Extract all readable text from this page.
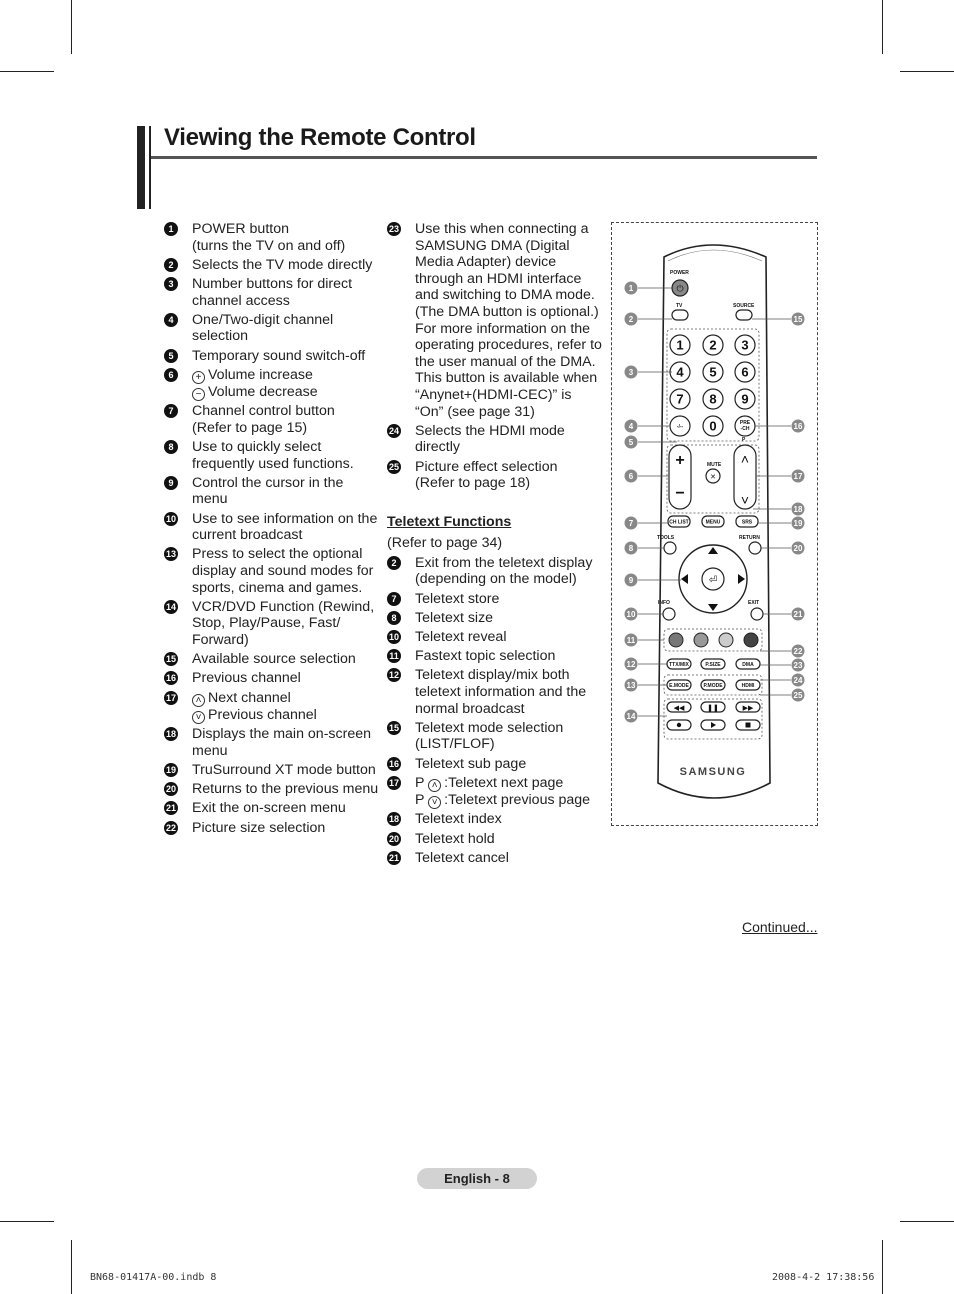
Viewing the Remote Control
1	POWER button
(turns the TV on and off)
2	Selects the TV mode directly
3	Number buttons for direct channel access
4	One/Two-digit channel selection
5	Temporary sound switch-off
6	+ Volume increase
− Volume decrease
7	Channel control button
(Refer to page 15)
8	Use to quickly select frequently used functions.
9	Control the cursor in the menu
10 Use to see information on the current broadcast
13 Press to select the optional display and sound modes for sports, cinema and games.
14 VCR/DVD Function (Rewind, Stop, Play/Pause, Fast/ Forward)
15 Available source selection
16 Previous channel
17	˄ Next channel
˅ Previous channel
18 Displays the main on-screen menu
19 TruSurround XT mode button
20 Returns to the previous menu
21 Exit the on-screen menu
22 Picture size selection
23 Use this when connecting a SAMSUNG DMA (Digital Media Adapter) device through an HDMI interface and switching to DMA mode.(The DMA button is optional.)
For more information on the operating procedures, refer to the user manual of the DMA. This button is available when “Anynet+(HDMI-CEC)” is “On” (see page 31)
24 Selects the HDMI mode directly
25 Picture effect selection
(Refer to page 18)
Teletext Functions
(Refer to page 34)
2	Exit from the teletext display (depending on the model)
7	Teletext store
8	Teletext size
10 Teletext reveal
11 Fastext topic selection
12 Teletext display/mix both teletext information and the normal broadcast
15 Teletext mode selection (LIST/FLOF)
16 Teletext sub page
17 P ˄ :Teletext next page
P ˅ :Teletext previous page
18 Teletext index
20 Teletext hold
21 Teletext cancel
POWER
⏻
TV	SOURCE
1 2 3
4 5 6
7 8 9
-/-- 0	PRE
-CH
+
−
MUTE
✕
P
˄
˅
CH LIST	MENU	SRS
TOOLS	RETURN
⏎
INFO	EXIT
TTX/MIX	P.SIZE	DMA
E.MODE	P.MODE	HDMI
◀◀	❚❚	▶▶
SAMSUNG
1
2
3
4
5
6
7
8
9
10
11
12
13
14
15
16
17
18
19
20
21
22
23
24
25
Continued...
English - 8
BN68-01417A-00.indb 8	2008-4-2 17:38:56
